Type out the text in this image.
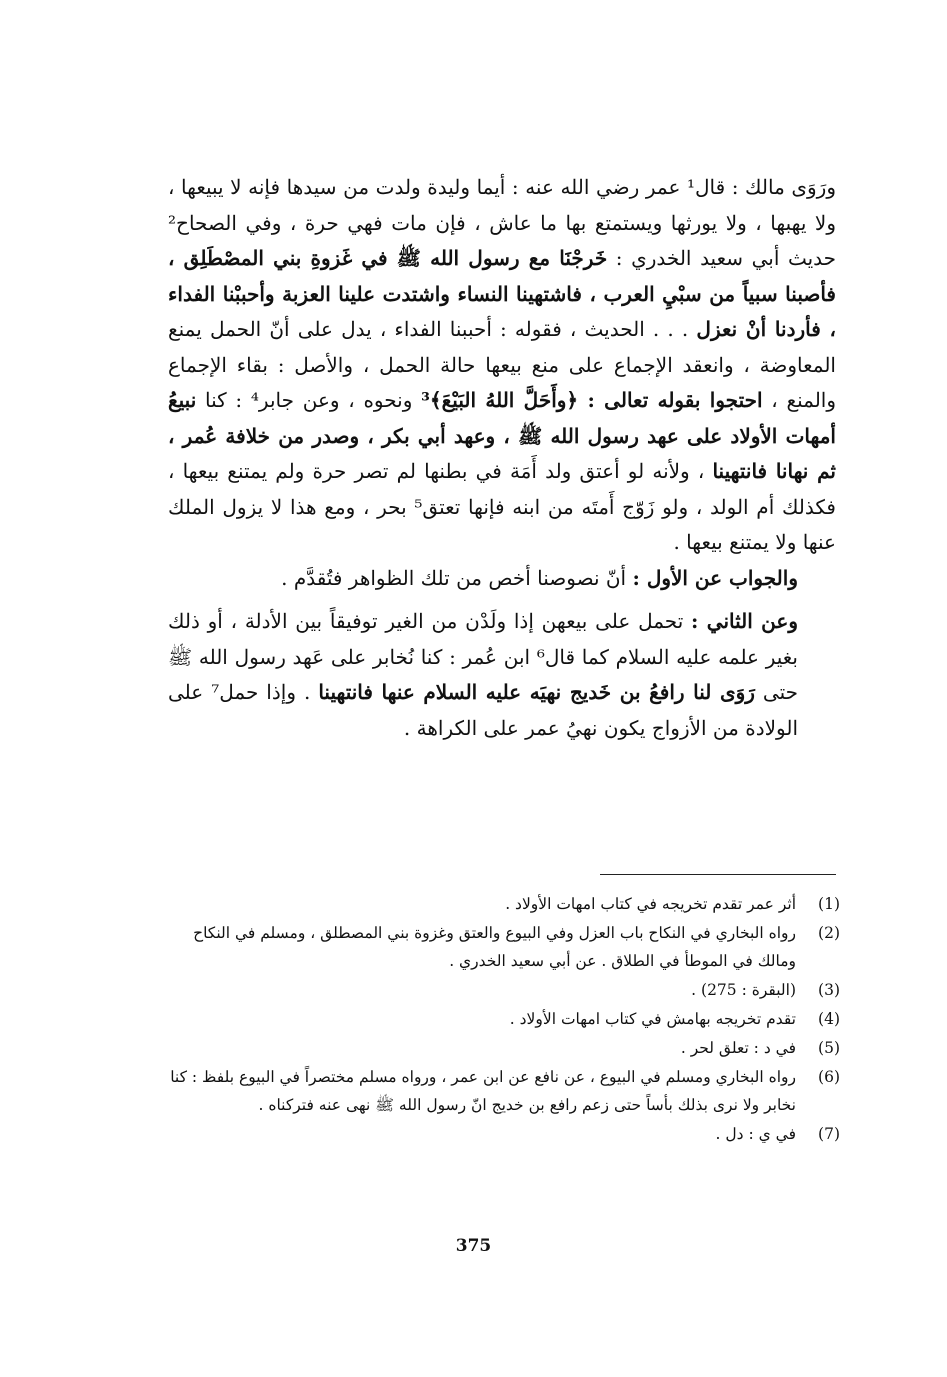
ورَوَى مالك : قال¹ عمر رضي الله عنه : أيما وليدة ولدت من سيدها فإنه لا يبيعها ، ولا يهبها ، ولا يورثها ويستمتع بها ما عاش ، فإن مات فهي حرة ، وفي الصحاح² حديث أبي سعيد الخدري : خَرجْنَا مع رسول الله ﷺ في غَزوةِ بني المصْطَلِق ، فأصبنا سبياً من سبْيِ العرب ، فاشتهينا النساء واشتدت علينا العزبة وأحببْنا الفداء ، فأردنا أنْ نعزل . . . الحديث ، فقوله : أحببنا الفداء ، يدل على أنّ الحمل يمنع المعاوضة ، وانعقد الإجماع على منع بيعها حالة الحمل ، والأصل : بقاء الإجماع والمنع ، احتجوا بقوله تعالى : ﴿وأَحَلَّ اللهُ البَيْعَ﴾³ ونحوه ، وعن جابر⁴ : كنا نبيعُ أمهات الأولاد على عهد رسول الله ﷺ ، وعهد أبي بكر ، وصدر من خلافة عُمر ، ثم نهانا فانتهينا ، ولأنه لو أعتق ولد أَمَة في بطنها لم تصر حرة ولم يمتنع بيعها ، فكذلك أم الولد ، ولو زَوّج أَمتَه من ابنه فإنها تعتق⁵ بحر ، ومع هذا لا يزول الملك عنها ولا يمتنع بيعها .

والجواب عن الأول : أنّ نصوصنا أخص من تلك الظواهر فتُقدَّم .

وعن الثاني : تحمل على بيعهن إذا ولَدْن من الغير توفيقاً بين الأدلة ، أو ذلك بغير علمه عليه السلام كما قال⁶ ابن عُمر : كنا نُخابر على عَهد رسول الله ﷺ حتى رَوَى لنا رافعُ بن خَديج نهيَه عليه السلام عنها فانتهينا . وإذا حمل⁷ على الولادة من الأزواج يكون نهيُ عمر على الكراهة .

(1)
أثر عمر تقدم تخريجه في كتاب امهات الأولاد .
(2)
رواه البخاري في النكاح باب العزل وفي البيوع والعتق وغزوة بني المصطلق ، ومسلم في النكاح ومالك في الموطأ في الطلاق . عن أبي سعيد الخدري .
(3)
(البقرة : 275) .
(4)
تقدم تخريجه بهامش في كتاب امهات الأولاد .
(5)
في د : تعلق لحر .
(6)
رواه البخاري ومسلم في البيوع ، عن نافع عن ابن عمر ، ورواه مسلم مختصراً في البيوع بلفظ : كنا نخابر ولا نرى بذلك بأساً حتى زعم رافع بن خديج انّ رسول الله ﷺ نهى عنه فتركناه .
(7)
في ي : دل .
375
